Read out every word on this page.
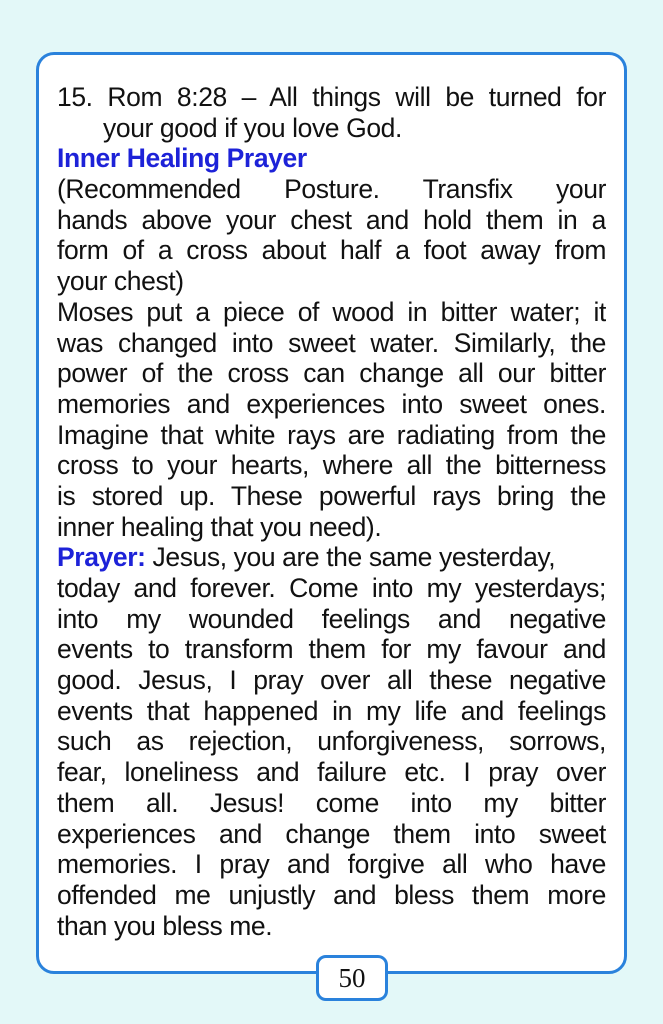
15. Rom 8:28 – All things will be turned for
your good if you love God.
Inner Healing Prayer
(Recommended Posture. Transfix your
hands above your chest and hold them in a
form of a cross about half a foot away from
your chest)
Moses put a piece of wood in bitter water; it
was changed into sweet water. Similarly, the
power of the cross can change all our bitter
memories and experiences into sweet ones.
Imagine that white rays are radiating from the
cross to your hearts, where all the bitterness
is stored up. These powerful rays bring the
inner healing that you need).
Prayer: Jesus, you are the same yesterday,
today and forever. Come into my yesterdays;
into my wounded feelings and negative
events to transform them for my favour and
good. Jesus, I pray over all these negative
events that happened in my life and feelings
such as rejection, unforgiveness, sorrows,
fear, loneliness and failure etc. I pray over
them all. Jesus! come into my bitter
experiences and change them into sweet
memories. I pray and forgive all who have
offended me unjustly and bless them more
than you bless me.
50
